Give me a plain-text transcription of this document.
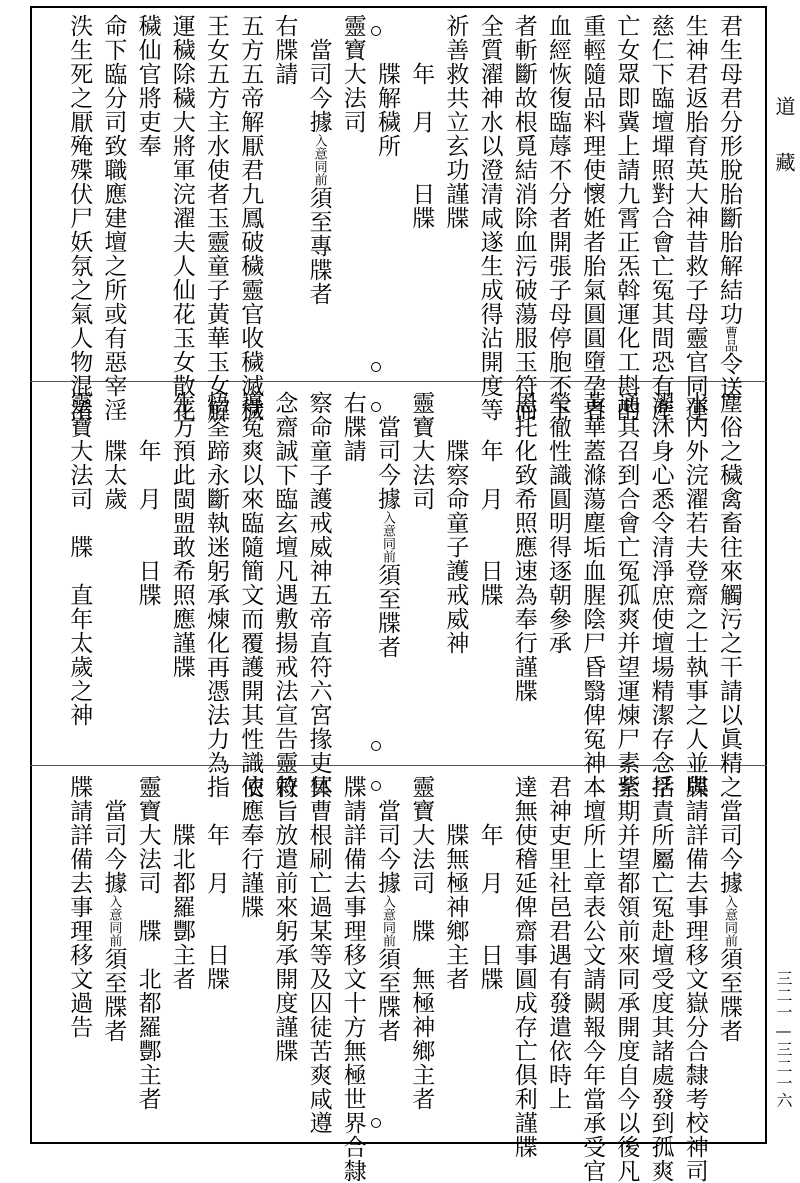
道 藏
三二一—三二一六
君生母君分形脫胎斷胎解結功曹品令送
生神君返胎育英大神昔救子母靈官同運
慈仁下臨壇墠照對合會亡冤其間恐有產
亡女眾即冀上請九霄正炁斡運化工斟酌
重輕隨品料理使懷姙者胎氣圓圓墮孕者
血經恢復臨蓐不分者開張子母停胞不下
者斬斷故根覓結消除血污破蕩服玉符而
全質濯神水以澄清咸遂生成得沾開度等
祈善救共立玄功謹牒
　　年　月　　日牒
　　牒解穢所
靈寶大法司
　當司今據入意同前須至專牒者
右牒請
五方五帝解厭君九鳳破穢靈官收穢滅穢
王女五方主水使者玉靈童子黃華玉女解
運穢除穢大將軍浣濯夫人仙花玉女散花
穢仙官將吏奉
命下臨分司致職應建壇之所或有惡宰淫
泆生死之厭殗殜伏尸妖氛之氣人物混淆
塵俗之穢禽畜往來觸污之干請以眞精之
水内外浣濯若夫登齋之士執事之人並與
濯沐身心悉令清淨庶使壇場精潔存念孚
通其召到合會亡冤孤爽并望運煉尸素紫
黃華蓋滌蕩塵垢血腥陰尸昏翳俾冤神
瑩徹性識圓明得逐朝參承
恩托化致希照應速為奉行謹牒
　　年　月　　日牒
　　牒察命童子護戒威神
靈寶大法司
　當司今據入意同前須至牒者
右牒請
察命童子護戒威神五帝直符六宮掾吏体
念齋誠下臨玄壇凡遇敷揚戒法宣告靈符
導冤爽以來臨隨簡文而覆護開其性識使
悟筌蹄永斷執迷躬承煉化再憑法力為指
生方預此閩盟敢希照應謹牒
　　年　月　　日牒
　　牒太歲
靈寶大法司　牒　直年太歲之神
　當司今據入意同前須至牒者
牒請詳備去事理移文嶽分合隸考校神司
括責所屬亡冤赴壇受度其諸處發到孤爽
至期并望都領前來同承開度自今以後凡
本壇所上章表公文請闕報今年當承受官
君神吏里社邑君遇有發遣依時上
達無使稽延俾齋事圓成存亡俱利謹牒
　　年　月　　日牒
　　牒無極神鄉主者
靈寶大法司　牒　無極神鄉主者
　當司今據入意同前須至牒者
牒請詳備去事理移文十方無極世界合隸
冥曹根刷亡過某等及囚徒苦爽咸遵
敕旨放遣前來躬承開度謹牒
依應奉行謹牒
　　年　月　　日牒
　　牒北都羅酆主者
靈寶大法司　牒　北都羅酆主者
　當司今據入意同前須至牒者
牒請詳備去事理移文過告
